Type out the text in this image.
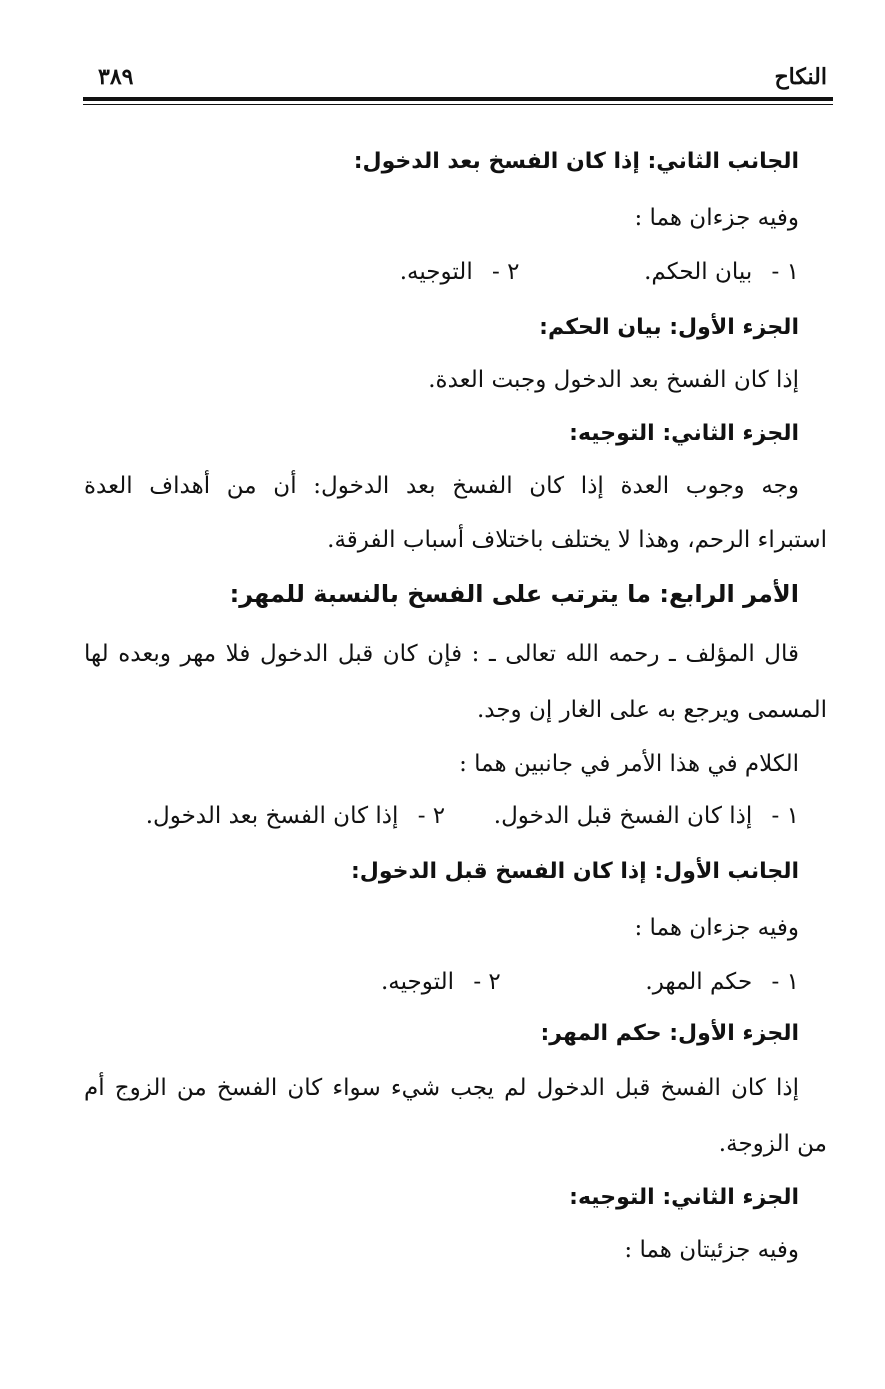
النكاح
٣٨٩
الجانب الثاني: إذا كان الفسخ بعد الدخول:
وفيه جزءان هما :
١ - بيان الحكم.  ٢ - التوجيه.
الجزء الأول: بيان الحكم:
إذا كان الفسخ بعد الدخول وجبت العدة.
الجزء الثاني: التوجيه:
وجه وجوب العدة إذا كان الفسخ بعد الدخول: أن من أهداف العدة
استبراء الرحم، وهذا لا يختلف باختلاف أسباب الفرقة.
الأمر الرابع: ما يترتب على الفسخ بالنسبة للمهر:
قال المؤلف ـ رحمه الله تعالى ـ : فإن كان قبل الدخول فلا مهر وبعده لها
المسمى ويرجع به على الغار إن وجد.
الكلام في هذا الأمر في جانبين هما :
١ - إذا كان الفسخ قبل الدخول.  ٢ - إذا كان الفسخ بعد الدخول.
الجانب الأول: إذا كان الفسخ قبل الدخول:
وفيه جزءان هما :
١ - حكم المهر.  ٢ - التوجيه.
الجزء الأول: حكم المهر:
إذا كان الفسخ قبل الدخول لم يجب شيء سواء كان الفسخ من الزوج أم
من الزوجة.
الجزء الثاني: التوجيه:
وفيه جزئيتان هما :
